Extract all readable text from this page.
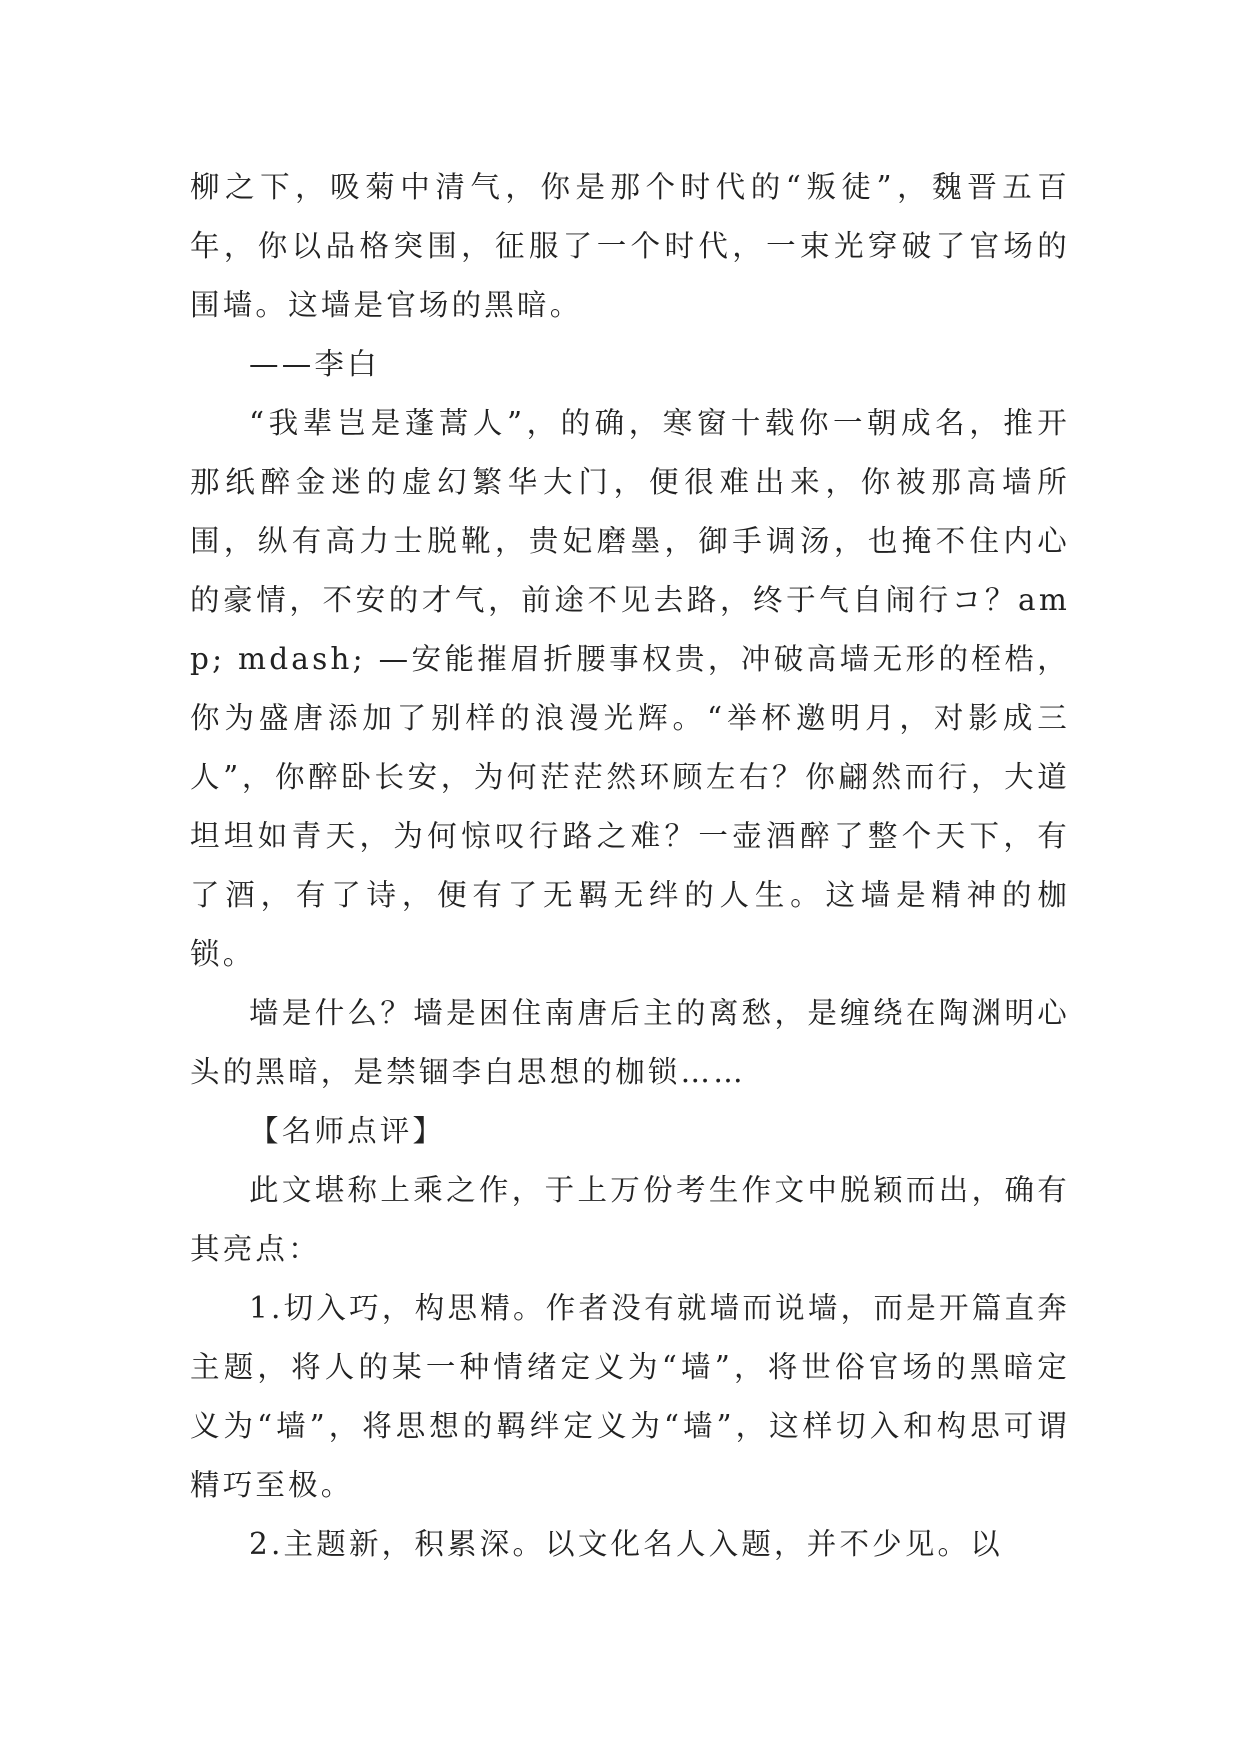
柳之下，吸菊中清气，你是那个时代的“叛徒”，魏晋五百年，你以品格突围，征服了一个时代，一束光穿破了官场的围墙。这墙是官场的黑暗。

——李白

“我辈岂是蓬蒿人”，的确，寒窗十载你一朝成名，推开那纸醉金迷的虚幻繁华大门，便很难出来，你被那高墙所围，纵有高力士脱靴，贵妃磨墨，御手调汤，也掩不住内心的豪情，不安的才气，前途不见去路，终于气自闹行コ？amp; mdash; —安能摧眉折腰事权贵，冲破高墙无形的桎梏，你为盛唐添加了别样的浪漫光辉。“举杯邀明月，对影成三人”，你醉卧长安，为何茫茫然环顾左右？你翩然而行，大道坦坦如青天，为何惊叹行路之难？一壶酒醉了整个天下，有了酒，有了诗，便有了无羁无绊的人生。这墙是精神的枷锁。

墙是什么？墙是困住南唐后主的离愁，是缠绕在陶渊明心头的黑暗，是禁锢李白思想的枷锁……

【名师点评】

此文堪称上乘之作，于上万份考生作文中脱颖而出，确有其亮点：

1.切入巧，构思精。作者没有就墙而说墙，而是开篇直奔主题，将人的某一种情绪定义为“墙”，将世俗官场的黑暗定义为“墙”，将思想的羁绊定义为“墙”，这样切入和构思可谓精巧至极。

2.主题新，积累深。以文化名人入题，并不少见。以
